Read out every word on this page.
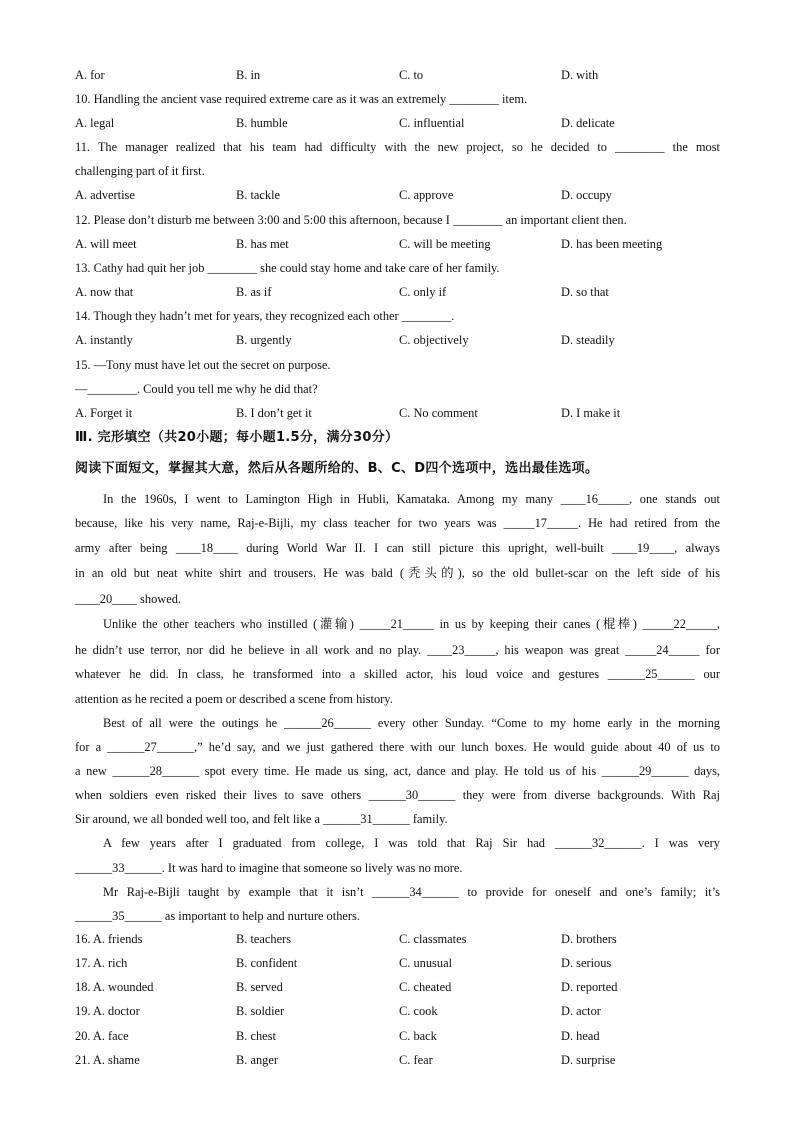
A. for	B. in	C. to	D. with
10. Handling the ancient vase required extreme care as it was an extremely ________ item.
A. legal	B. humble	C. influential	D. delicate
11. The manager realized that his team had difficulty with the new project, so he decided to ________ the most
challenging part of it first.
A. advertise	B. tackle	C. approve	D. occupy
12. Please don’t disturb me between 3:00 and 5:00 this afternoon, because I ________ an important client then.
A. will meet	B. has met	C. will be meeting	D. has been meeting
13. Cathy had quit her job ________ she could stay home and take care of her family.
A. now that	B. as if	C. only if	D. so that
14. Though they hadn’t met for years, they recognized each other ________.
A. instantly	B. urgently	C. objectively	D. steadily
15. —Tony must have let out the secret on purpose.
—________. Could you tell me why he did that?
A. Forget it	B. I don’t get it	C. No comment	D. I make it
Ⅲ. 完形填空（共20小题；每小题1.5分，满分30分）
阅读下面短文，掌握其大意，然后从各题所给的、B、C、D四个选项中，选出最佳选项。
In the 1960s, I went to Lamington High in Hubli, Kamataka. Among my many ____16_____, one stands out
because, like his very name, Raj-e-Bijli, my class teacher for two years was _____17_____. He had retired from the
army after being ____18____ during World War II. I can still picture this upright, well-built ____19____, always
in an old but neat white shirt and trousers. He was bald (秃头的), so the old bullet-scar on the left side of his
____20____ showed.
Unlike the other teachers who instilled (灌输) _____21_____ in us by keeping their canes (棍棒) _____22_____,
he didn’t use terror, nor did he believe in all work and no play. ____23_____, his weapon was great _____24_____ for
whatever he did. In class, he transformed into a skilled actor, his loud voice and gestures ______25______ our
attention as he recited a poem or described a scene from history.
Best of all were the outings he ______26______ every other Sunday. “Come to my home early in the morning
for a ______27______,” he’d say, and we just gathered there with our lunch boxes. He would guide about 40 of us to
a new ______28______ spot every time. He made us sing, act, dance and play. He told us of his ______29______ days,
when soldiers even risked their lives to save others ______30______ they were from diverse backgrounds. With Raj
Sir around, we all bonded well too, and felt like a ______31______ family.
A few years after I graduated from college, I was told that Raj Sir had ______32______. I was very
______33______. It was hard to imagine that someone so lively was no more.
Mr Raj-e-Bijli taught by example that it isn’t ______34______ to provide for oneself and one’s family; it’s
______35______ as important to help and nurture others.
16. A. friends	B. teachers	C. classmates	D. brothers
17. A. rich	B. confident	C. unusual	D. serious
18. A. wounded	B. served	C. cheated	D. reported
19. A. doctor	B. soldier	C. cook	D. actor
20. A. face	B. chest	C. back	D. head
21. A. shame	B. anger	C. fear	D. surprise
